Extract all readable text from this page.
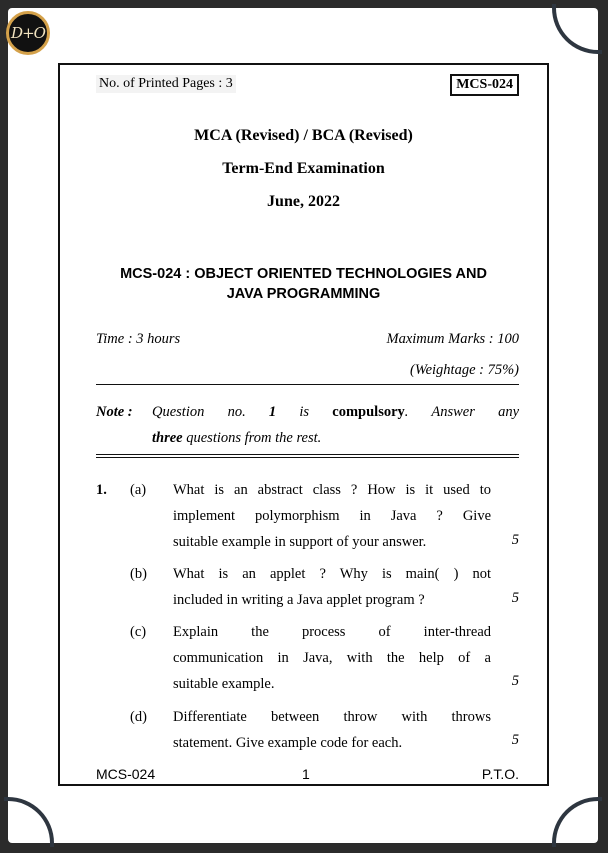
D+O
No. of Printed Pages : 3	MCS-024
MCA (Revised) / BCA (Revised)
Term-End Examination
June, 2022
MCS-024 : OBJECT ORIENTED TECHNOLOGIES AND
JAVA PROGRAMMING
Time : 3 hours	Maximum Marks : 100
(Weightage : 75%)
Note :	Question  no.  1  is  compulsory.  Answer  any
three questions from the rest.
1. (a) What is an abstract class ? How is it used to
implement polymorphism in Java ? Give
suitable example in support of your answer.	5
(b) What is an applet ? Why is main( ) not
included in writing a Java applet program ?	5
(c) Explain the process of inter-thread
communication in Java, with the help of a
suitable example.	5
(d) Differentiate between throw with throws
statement. Give example code for each.	5
MCS-024	1	P.T.O.
